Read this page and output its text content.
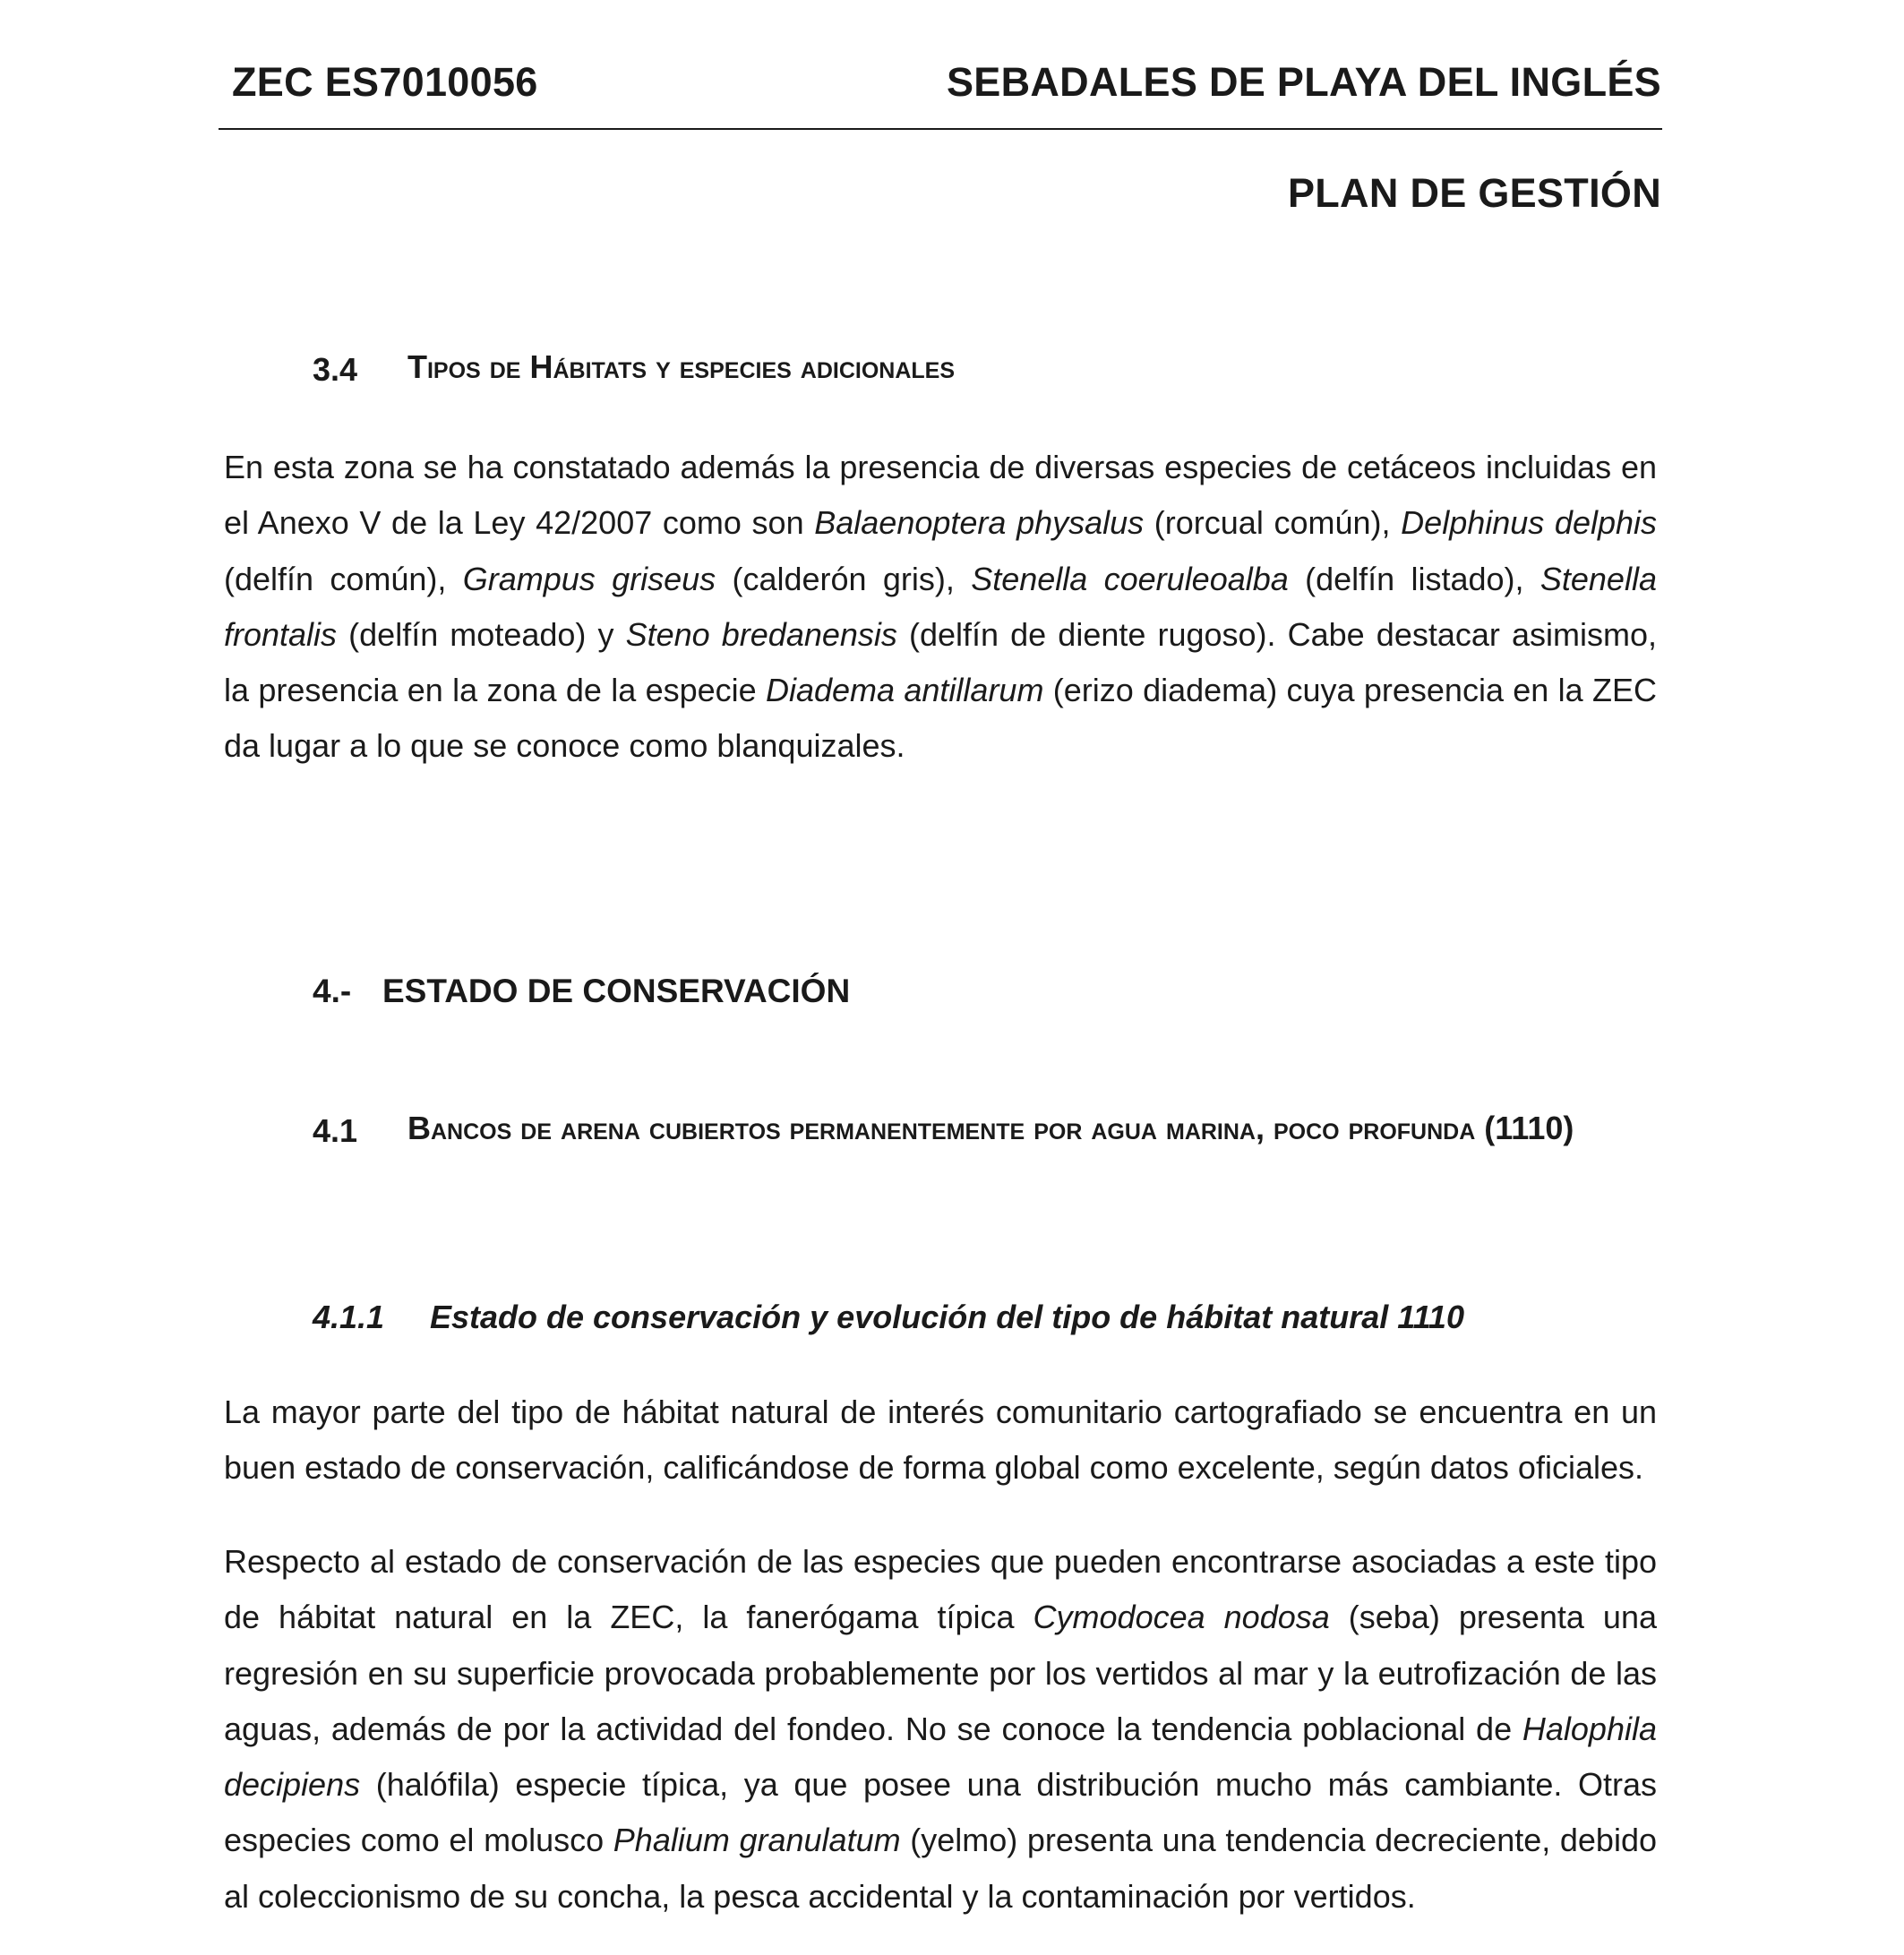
ZEC ES7010056	SEBADALES DE PLAYA DEL INGLÉS
PLAN DE GESTIÓN
3.4 Tipos de Hábitats y especies adicionales

En esta zona se ha constatado además la presencia de diversas especies de cetáceos incluidas en el Anexo V de la Ley 42/2007 como son Balaenoptera physalus (rorcual común), Delphinus delphis (delfín común), Grampus griseus (calderón gris), Stenella coeruleoalba (delfín listado), Stenella frontalis (delfín moteado) y Steno bredanensis (delfín de diente rugoso). Cabe destacar asimismo, la presencia en la zona de la especie Diadema antillarum (erizo diadema) cuya presencia en la ZEC da lugar a lo que se conoce como blanquizales.

4.- ESTADO DE CONSERVACIÓN
4.1 Bancos de arena cubiertos permanentemente por agua marina, poco profunda (1110)
4.1.1 Estado de conservación y evolución del tipo de hábitat natural 1110

La mayor parte del tipo de hábitat natural de interés comunitario cartografiado se encuentra en un buen estado de conservación, calificándose de forma global como excelente, según datos oficiales.

Respecto al estado de conservación de las especies que pueden encontrarse asociadas a este tipo de hábitat natural en la ZEC, la fanerógama típica Cymodocea nodosa (seba) presenta una regresión en su superficie provocada probablemente por los vertidos al mar y la eutrofización de las aguas, además de por la actividad del fondeo. No se conoce la tendencia poblacional de Halophila decipiens (halófila) especie típica, ya que posee una distribución mucho más cambiante. Otras especies como el molusco Phalium granulatum (yelmo) presenta una tendencia decreciente, debido al coleccionismo de su concha, la pesca accidental y la contaminación por vertidos.
